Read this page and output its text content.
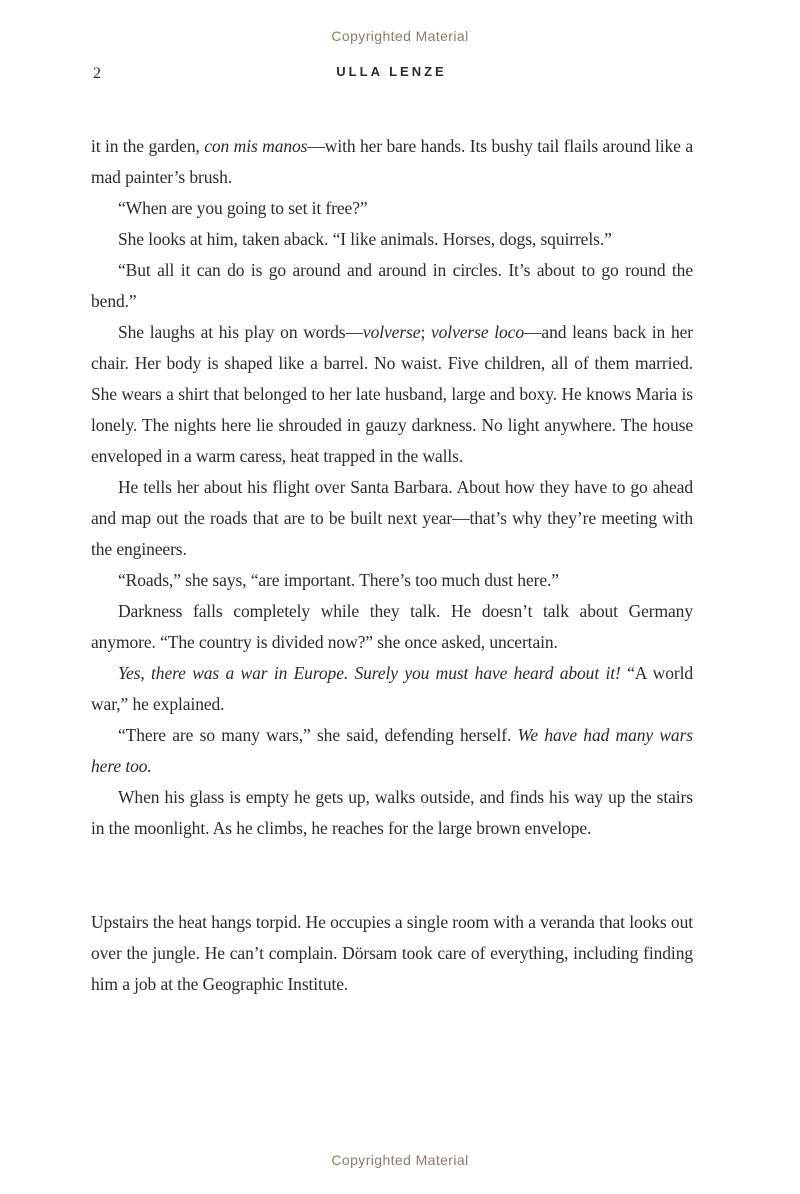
Copyrighted Material
2	ULLA LENZE

it in the garden, con mis manos—with her bare hands. Its bushy tail flails around like a mad painter’s brush.

“When are you going to set it free?”

She looks at him, taken aback. “I like animals. Horses, dogs, squirrels.”

“But all it can do is go around and around in circles. It’s about to go round the bend.”

She laughs at his play on words—volverse; volverse loco—and leans back in her chair. Her body is shaped like a barrel. No waist. Five children, all of them married. She wears a shirt that belonged to her late husband, large and boxy. He knows Maria is lonely. The nights here lie shrouded in gauzy darkness. No light anywhere. The house enveloped in a warm caress, heat trapped in the walls.

He tells her about his flight over Santa Barbara. About how they have to go ahead and map out the roads that are to be built next year—that’s why they’re meeting with the engineers.

“Roads,” she says, “are important. There’s too much dust here.”

Darkness falls completely while they talk. He doesn’t talk about Germany anymore. “The country is divided now?” she once asked, uncertain.

Yes, there was a war in Europe. Surely you must have heard about it! “A world war,” he explained.

“There are so many wars,” she said, defending herself. We have had many wars here too.

When his glass is empty he gets up, walks outside, and finds his way up the stairs in the moonlight. As he climbs, he reaches for the large brown envelope.

Upstairs the heat hangs torpid. He occupies a single room with a veranda that looks out over the jungle. He can’t complain. Dörsam took care of everything, including finding him a job at the Geographic Institute.

Copyrighted Material
